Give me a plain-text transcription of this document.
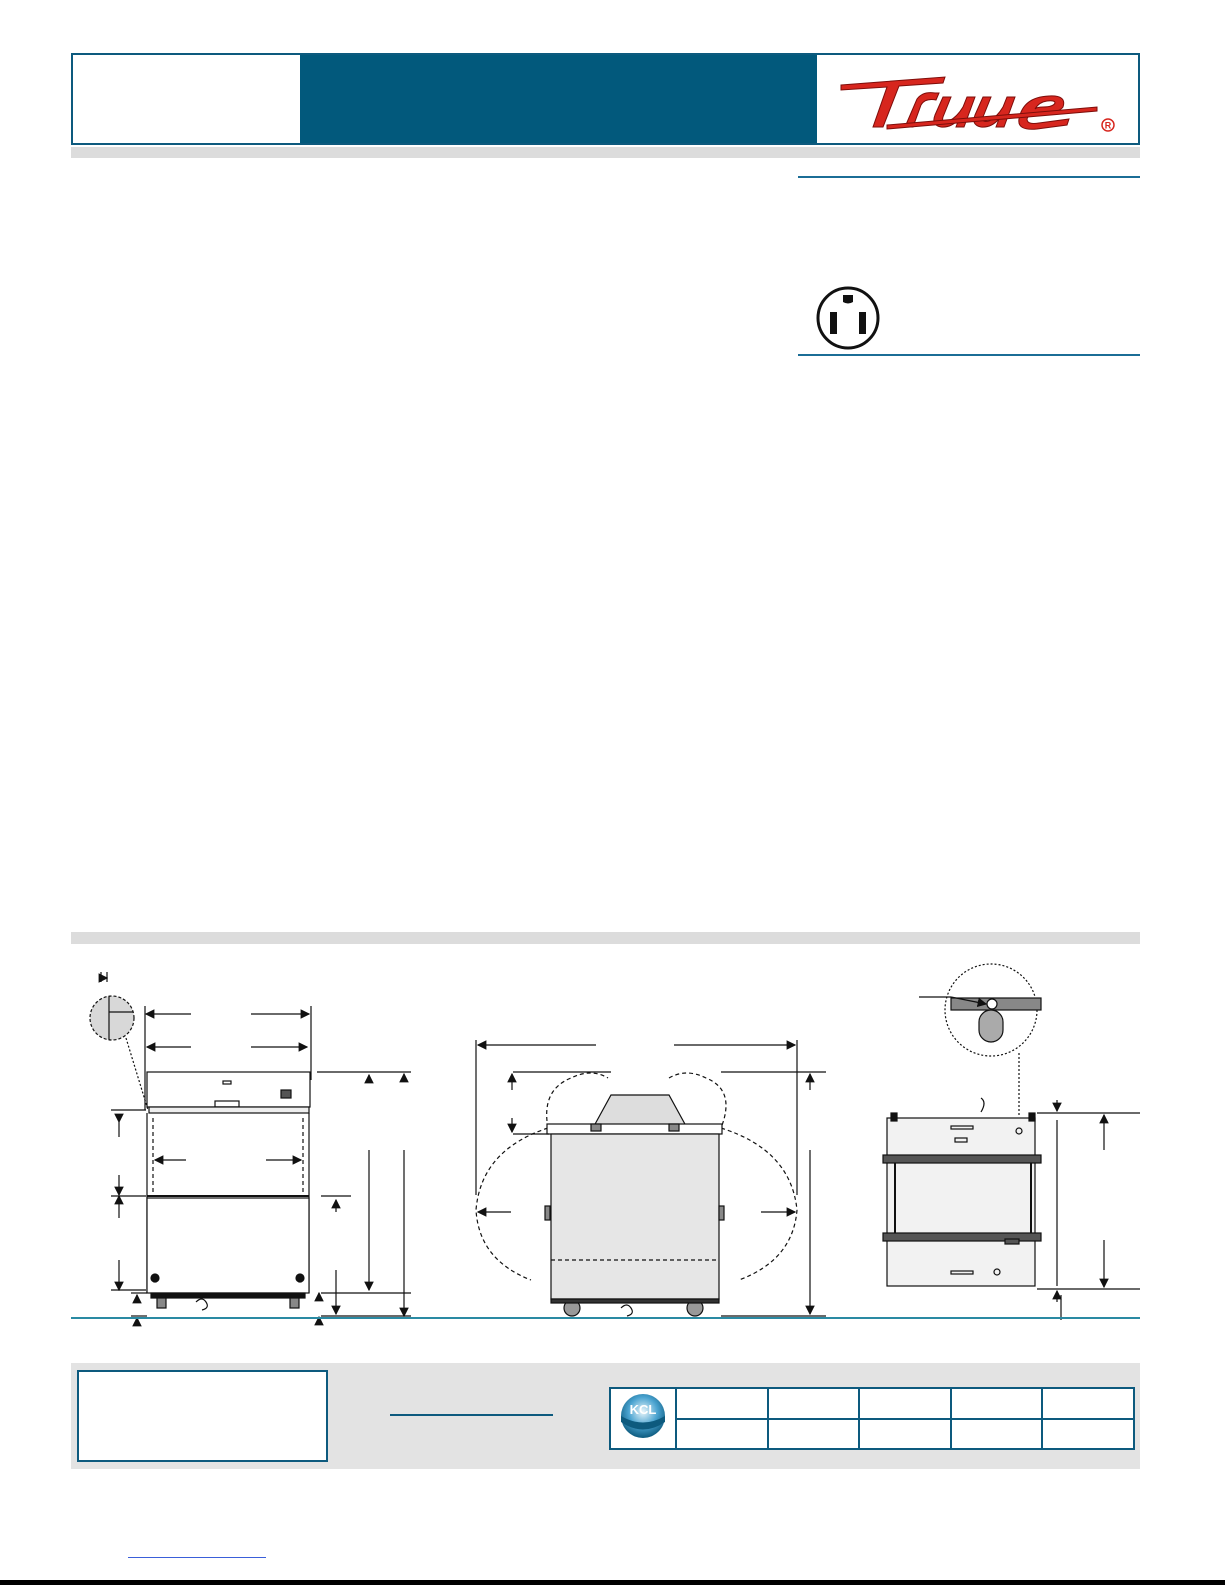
R
KCL					
